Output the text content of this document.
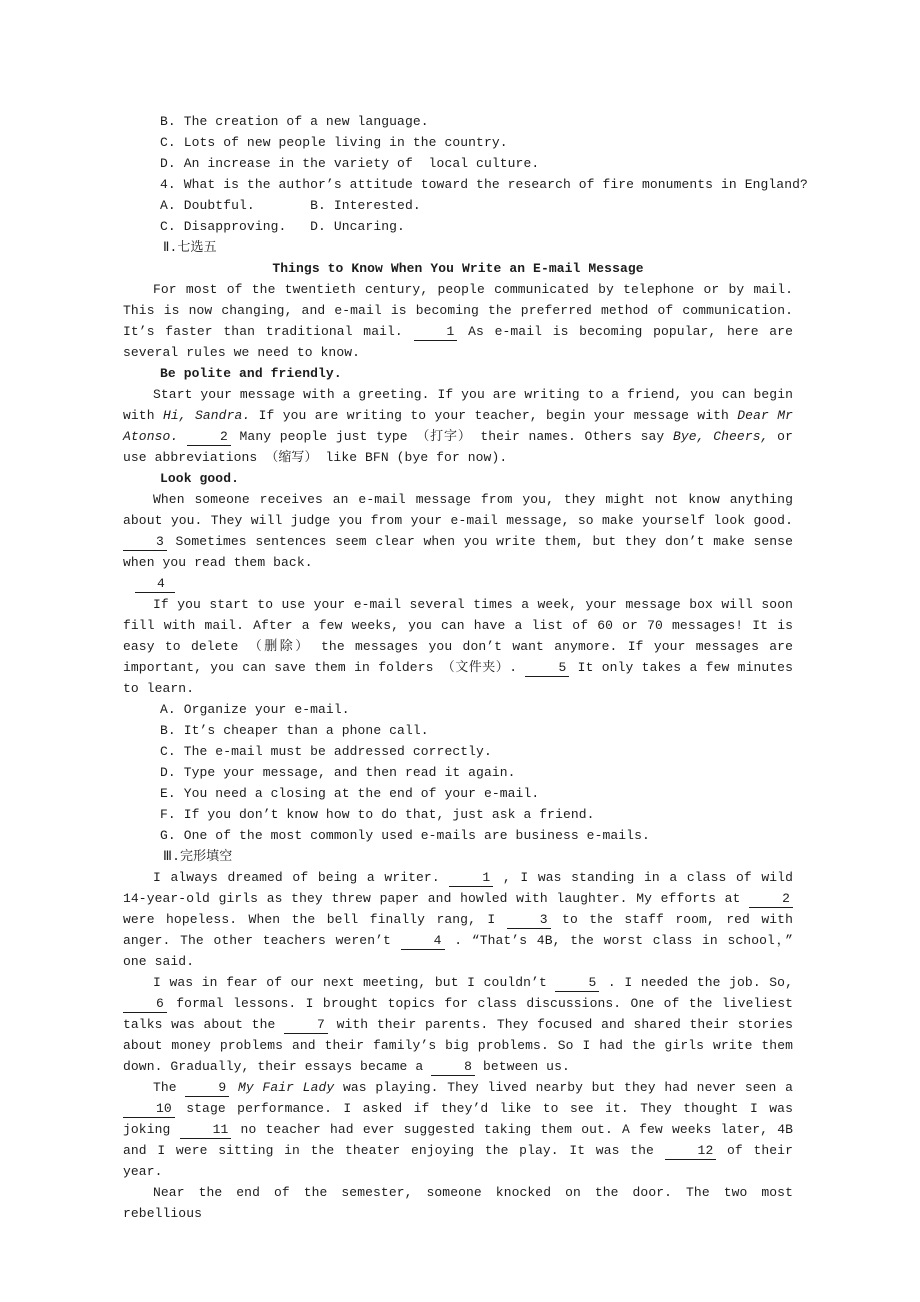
B. The creation of a new language.
C. Lots of new people living in the country.
D. An increase in the variety of  local culture.
4. What is the author’s attitude toward the research of fire monuments in England?
A. Doubtful.       B. Interested.
C. Disapproving.   D. Uncaring.
Ⅱ.七选五

Things to Know When You Write an E-mail Message

For most of the twentieth century, people communicated by telephone or by mail. This is now changing, and e-mail is becoming the preferred method of communication. It’s faster than traditional mail.	1 As e-mail is becoming popular, here are several rules we need to know.

Be polite and friendly.

Start your message with a greeting. If you are writing to a friend, you can begin with Hi, Sandra. If you are writing to your teacher, begin your message with Dear Mr Atonso.	2 Many people just type （打字） their names. Others say Bye, Cheers, or use abbreviations （缩写） like BFN (bye for now).

Look good.

When someone receives an e-mail message from you, they might not know anything about you. They will judge you from your e-mail message, so make yourself look good. 3 Sometimes sentences seem clear when you write them, but they don’t make sense when you read them back.

4

If you start to use your e-mail several times a week, your message box will soon fill with mail. After a few weeks, you can have a list of 60 or 70 messages! It is easy to delete （删除） the messages you don’t want anymore. If your messages are important, you can save them in folders （文件夹）.	5 It only takes a few minutes to learn.

A. Organize your e-mail.
B. It’s cheaper than a phone call.
C. The e-mail must be addressed correctly.
D. Type your message, and then read it again.
E. You need a closing at the end of your e-mail.
F. If you don’t know how to do that, just ask a friend.
G. One of the most commonly used e-mails are business e-mails.
Ⅲ.完形填空

I always dreamed of being a writer.	1 , I was standing in a class of wild 14-year-old girls as they threw paper and howled with laughter. My efforts at	2 were hopeless. When the bell finally rang, I	3 to the staff room, red with anger. The other teachers weren’t	4 . “That’s 4B, the worst class in school，” one said.

I was in fear of our next meeting, but I couldn’t	5 . I needed the job. So, 6 formal lessons. I brought topics for class discussions. One of the liveliest talks was about the	7 with their parents. They focused and shared their stories about money problems and their family’s big problems. So I had the girls write them down. Gradually, their essays became a	8 between us.

The	9 My Fair Lady was playing. They lived nearby but they had never seen a 10 stage performance. I asked if they’d like to see it. They thought I was joking	11 no teacher had ever suggested taking them out. A few weeks later, 4B and I were sitting in the theater enjoying the play. It was the	12 of their year.

Near the end of the semester, someone knocked on the door. The two most rebellious
